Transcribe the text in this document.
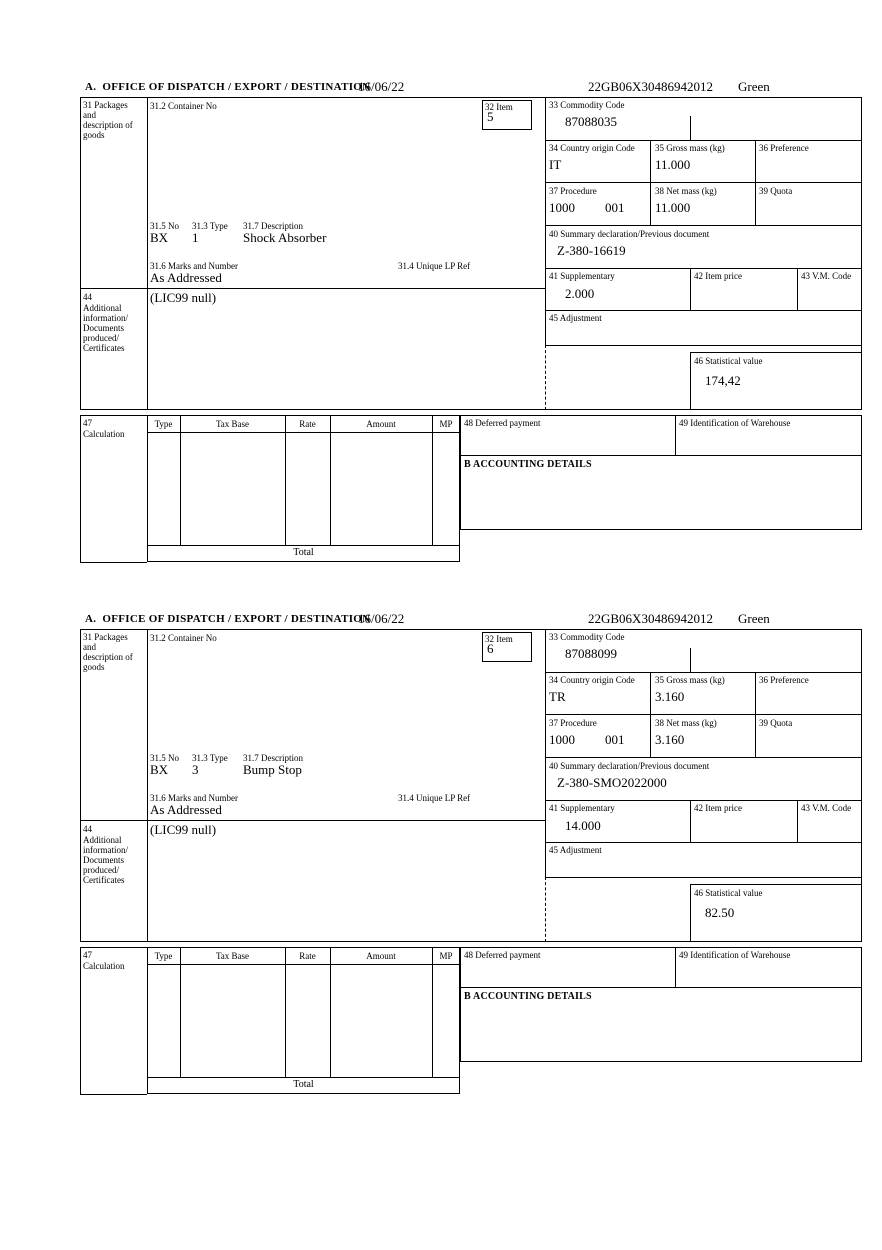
A.  OFFICE OF DISPATCH / EXPORT / DESTINATION
16/06/22	22GB06X30486942012 Green
31 Packages and description of goods
44
Additional information/ Documents produced/ Certificates
31.2 Container No	32 Item
5
31.5 No 31.3 Type 31.7 Description
BX 1	Shock Absorber
31.6 Marks and Number	31.4 Unique LP Ref
As Addressed
(LIC99 null)
33 Commodity Code
87088035
34 Country origin Code
IT
35 Gross mass (kg)
11.000
36 Preference
37 Procedure
1000 001
38 Net mass (kg)
11.000
39 Quota
40 Summary declaration/Previous document
Z-380-16619
41 Supplementary
2.000
42 Item price	43 V.M. Code
45 Adjustment
46 Statistical value
174,42
47
Calculation
Type	Tax Base	Rate	Amount	MP	48 Deferred payment	49 Identification of Warehouse
B ACCOUNTING DETAILS
Total
A.  OFFICE OF DISPATCH / EXPORT / DESTINATION
16/06/22	22GB06X30486942012 Green
31 Packages and description of goods
44
Additional information/ Documents produced/ Certificates
31.2 Container No	32 Item
6
31.5 No 31.3 Type 31.7 Description
BX 3	Bump Stop
31.6 Marks and Number	31.4 Unique LP Ref
As Addressed
(LIC99 null)
33 Commodity Code
87088099
34 Country origin Code
TR
35 Gross mass (kg)
3.160
36 Preference
37 Procedure
1000 001
38 Net mass (kg)
3.160
39 Quota
40 Summary declaration/Previous document
Z-380-SMO2022000
41 Supplementary
14.000
42 Item price	43 V.M. Code
45 Adjustment
46 Statistical value
82.50
47
Calculation
Type	Tax Base	Rate	Amount	MP	48 Deferred payment	49 Identification of Warehouse
B ACCOUNTING DETAILS
Total
